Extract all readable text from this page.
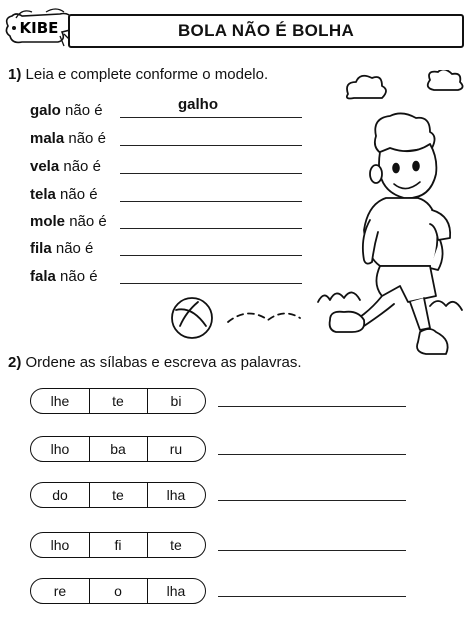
KIBE	BOLA NÃO É BOLHA
1) Leia e complete conforme o modelo.
galo não é	galho
mala não é
vela não é
tela não é
mole não é
fila não é
fala não é
2) Ordene as sílabas e escreva as palavras.
lhe	te	bi
lho	ba	ru
do	te	lha
lho	fi	te
re	o	lha
